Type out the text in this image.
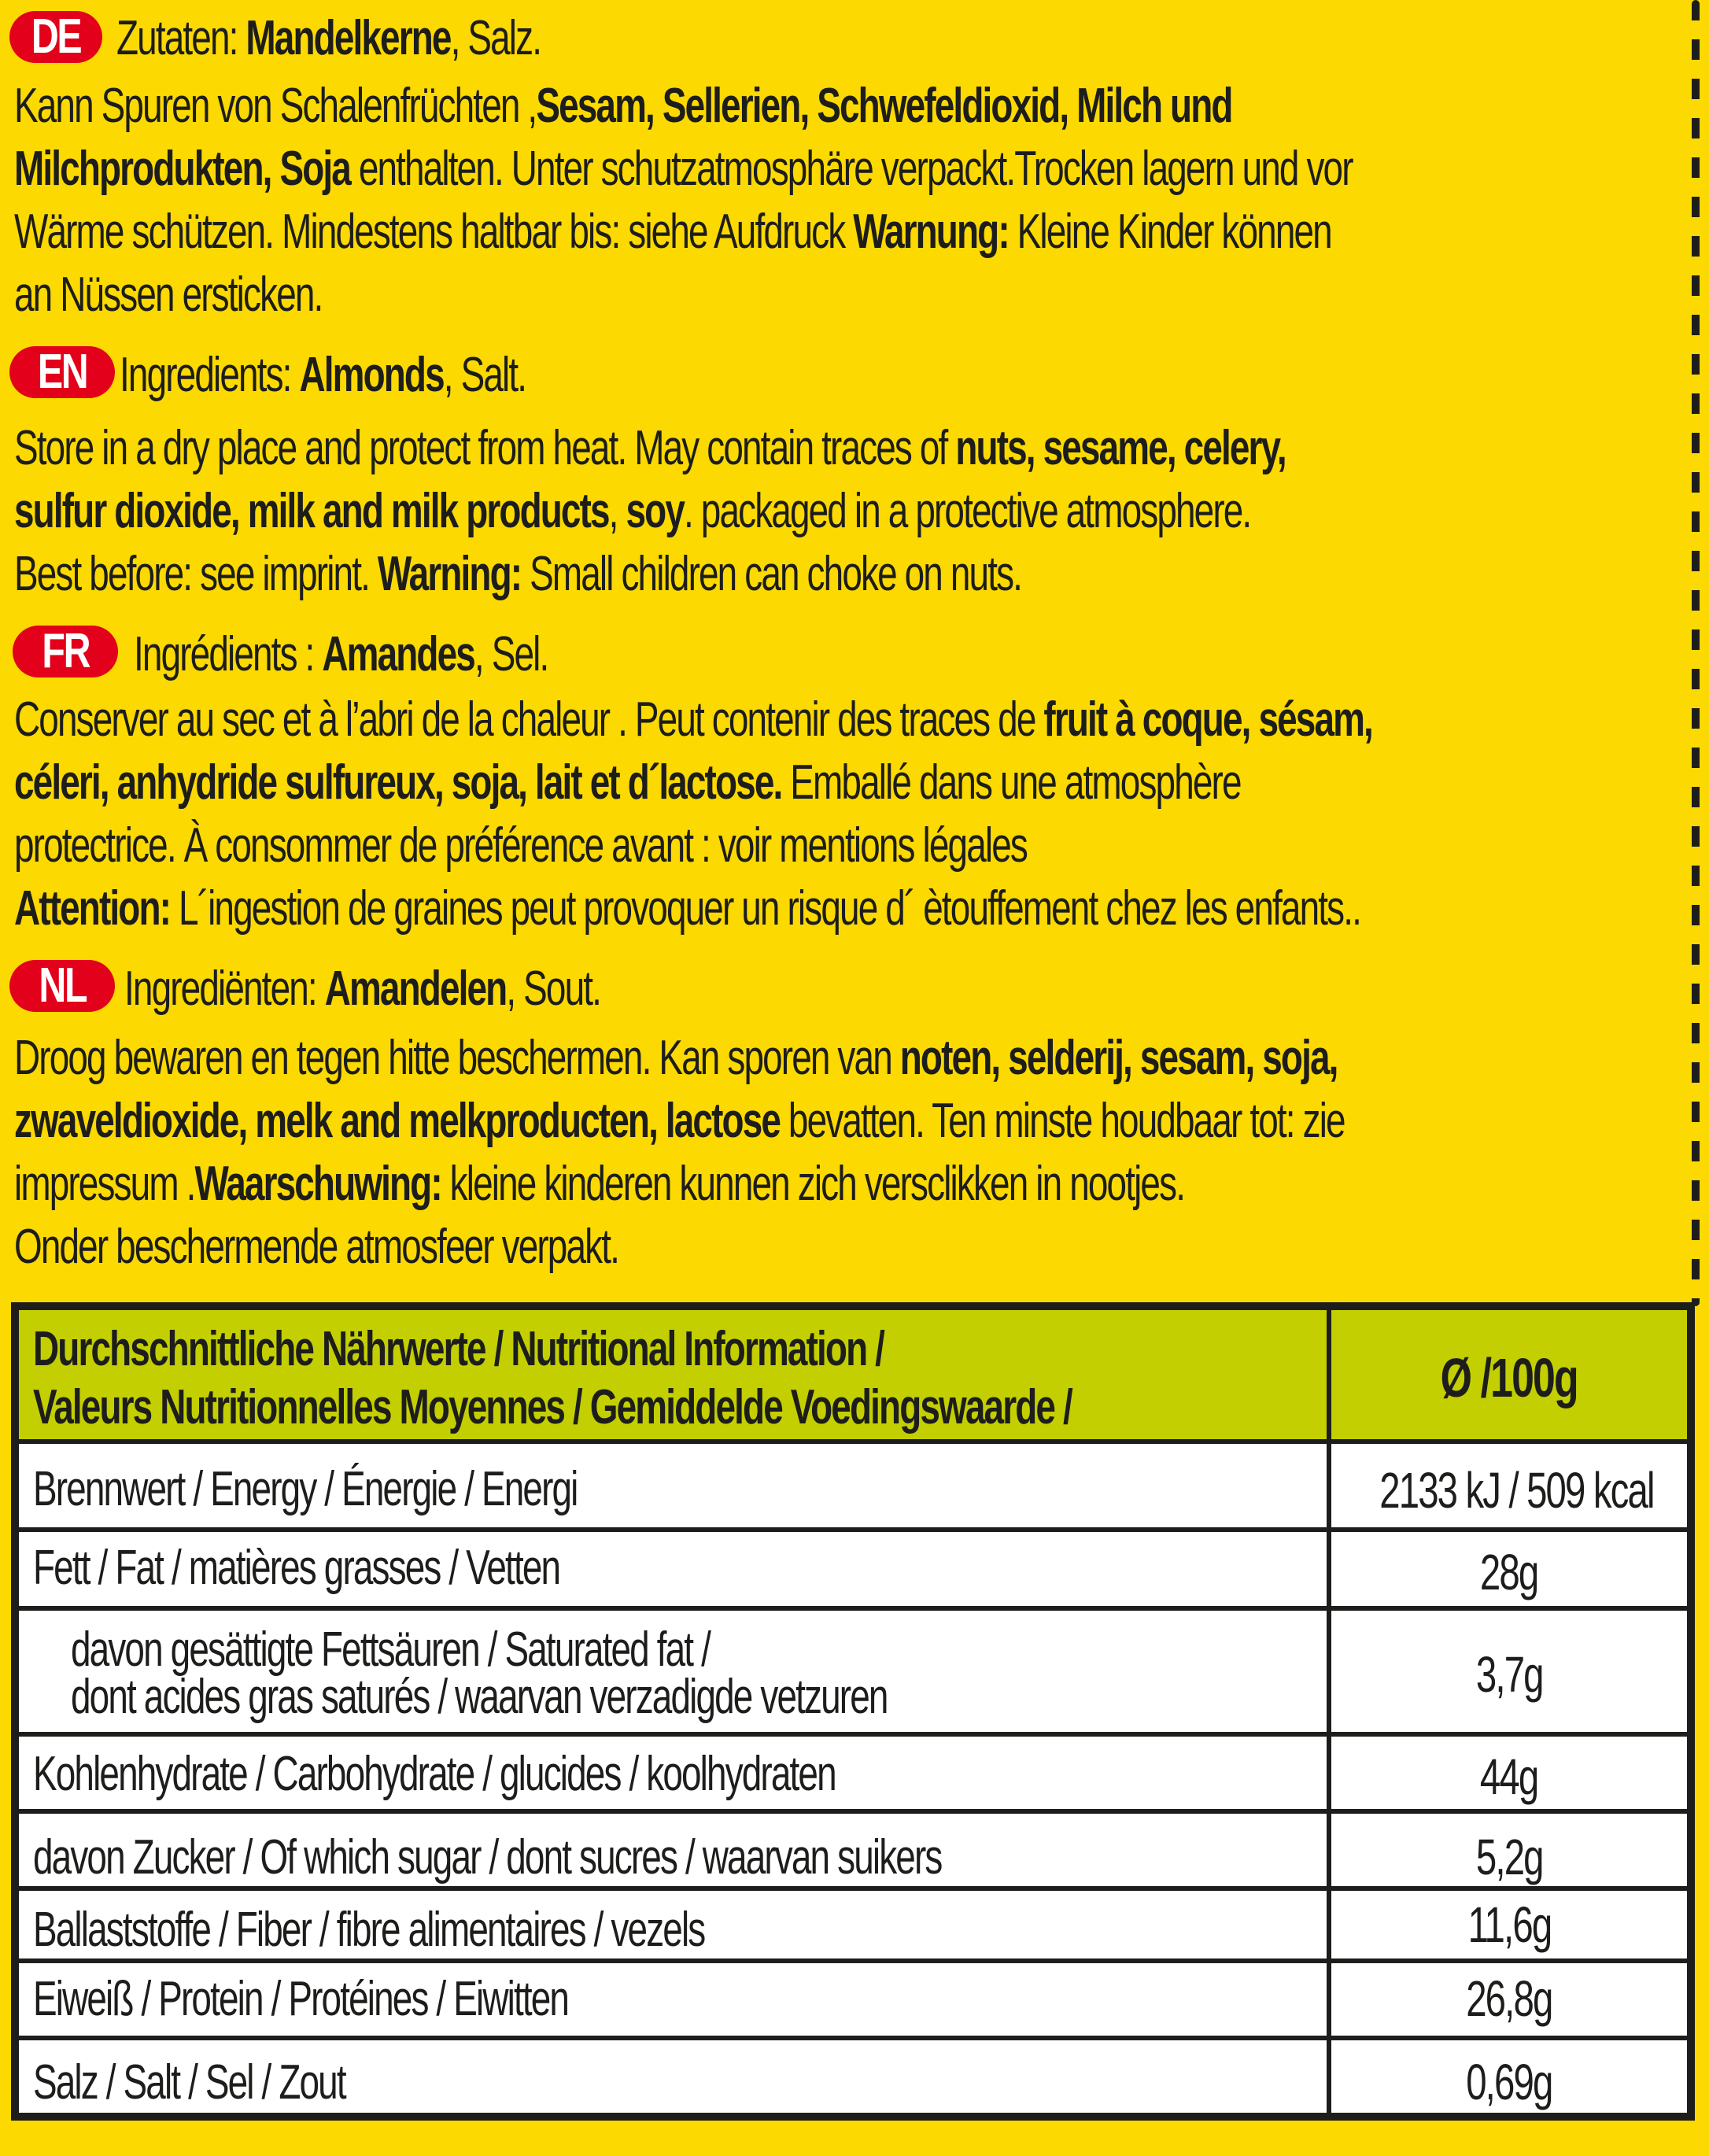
DE Zutaten: Mandelkerne, Salz.
Kann Spuren von Schalenfrüchten ,Sesam, Sellerien, Schwefeldioxid, Milch und
Milchprodukten, Soja enthalten. Unter schutzatmosphäre verpackt.Trocken lagern und vor
Wärme schützen. Mindestens haltbar bis: siehe Aufdruck Warnung: Kleine Kinder können
an Nüssen ersticken.
EN Ingredients: Almonds, Salt.
Store in a dry place and protect from heat. May contain traces of nuts, sesame, celery,
sulfur dioxide, milk and milk products, soy. packaged in a protective atmosphere.
Best before: see imprint. Warning: Small children can choke on nuts.
FR Ingrédients : Amandes, Sel.
Conserver au sec et à l’abri de la chaleur . Peut contenir des traces de fruit à coque, sésam,
céleri, anhydride sulfureux, soja, lait et d´lactose. Emballé dans une atmosphère
protectrice. À consommer de préférence avant : voir mentions légales
Attention: L´ingestion de graines peut provoquer un risque d´ ètouffement chez les enfants..
NL Ingrediënten: Amandelen, Sout.
Droog bewaren en tegen hitte beschermen. Kan sporen van noten, selderij, sesam, soja,
zwaveldioxide, melk and melkproducten, lactose bevatten. Ten minste houdbaar tot: zie
impressum .Waarschuwing: kleine kinderen kunnen zich versclikken in nootjes.
Onder beschermende atmosfeer verpakt.
Durchschnittliche Nährwerte / Nutritional Information /
Valeurs Nutritionnelles Moyennes / Gemiddelde Voedingswaarde /	Ø /100g
Brennwert / Energy / Énergie / Energi	2133 kJ / 509 kcal
Fett / Fat / matières grasses / Vetten	28g
davon gesättigte Fettsäuren / Saturated fat /
dont acides gras saturés / waarvan verzadigde vetzuren	3,7g
Kohlenhydrate / Carbohydrate / glucides / koolhydraten	44g
davon Zucker / Of which sugar / dont sucres / waarvan suikers	5,2g
Ballaststoffe / Fiber / fibre alimentaires / vezels	11,6g
Eiweiß / Protein / Protéines / Eiwitten	26,8g
Salz / Salt / Sel / Zout	0,69g
